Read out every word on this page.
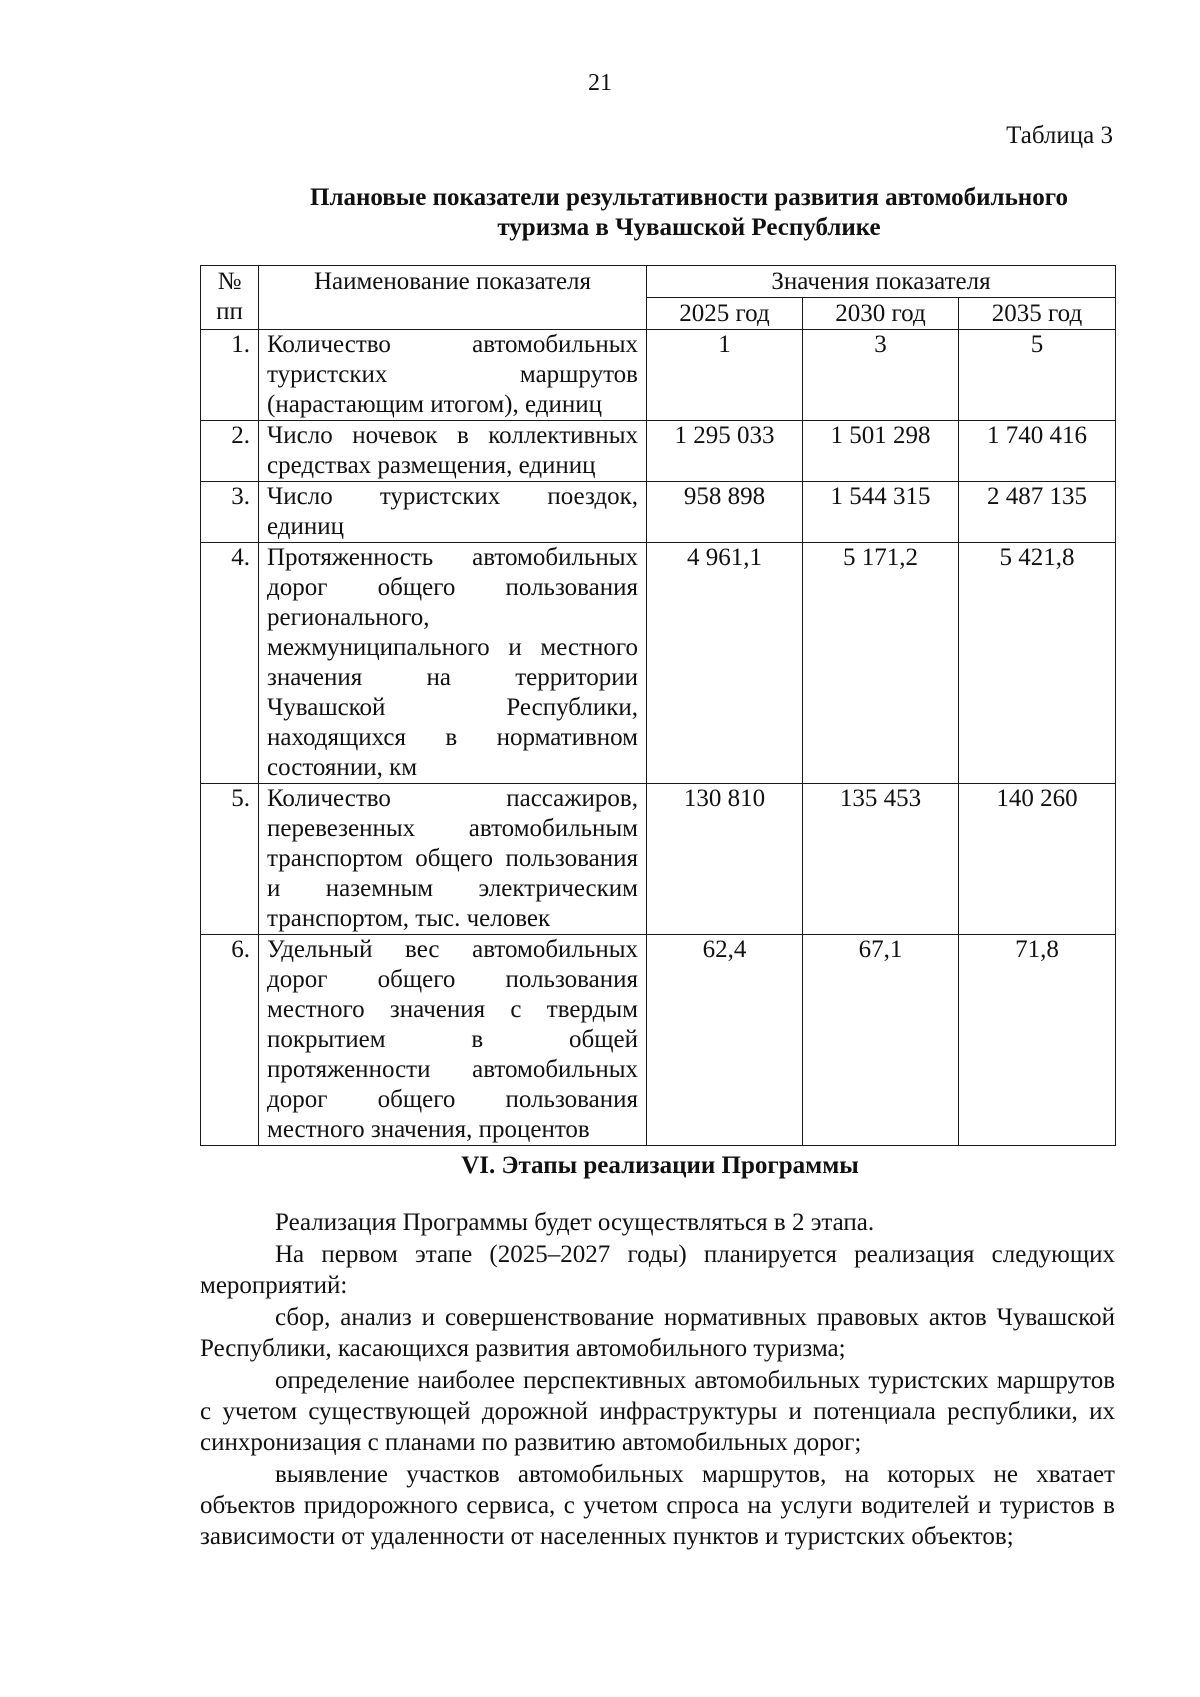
21
Таблица 3
Плановые показатели результативности развития автомобильного туризма в Чувашской Республике
№ пп	Наименование показателя	Значения показателя		
		2025 год	2030 год	2035 год
1.	Количество автомобильных туристских маршрутов (нарастающим итогом), единиц	1	3	5
2.	Число ночевок в коллективных средствах размещения, единиц	1 295 033	1 501 298	1 740 416
3.	Число туристских поездок, единиц	958 898	1 544 315	2 487 135
4.	Протяженность автомобильных дорог общего пользования регионального, межмуниципального и местного значения на территории Чувашской Республики, находящихся в нормативном состоянии, км	4 961,1	5 171,2	5 421,8
5.	Количество пассажиров, перевезенных автомобильным транспортом общего пользования и наземным электрическим транспортом, тыс. человек	130 810	135 453	140 260
6.	Удельный вес автомобильных дорог общего пользования местного значения с твердым покрытием в общей протяженности автомобильных дорог общего пользования местного значения, процентов	62,4	67,1	71,8
VI. Этапы реализации Программы

Реализация Программы будет осуществляться в 2 этапа.

На первом этапе (2025–2027 годы) планируется реализация следующих мероприятий:

сбор, анализ и совершенствование нормативных правовых актов Чувашской Республики, касающихся развития автомобильного туризма;

определение наиболее перспективных автомобильных туристских маршрутов с учетом существующей дорожной инфраструктуры и потенциала республики, их синхронизация с планами по развитию автомобильных дорог;

выявление участков автомобильных маршрутов, на которых не хватает объектов придорожного сервиса, с учетом спроса на услуги водителей и туристов в зависимости от удаленности от населенных пунктов и туристских объектов;
